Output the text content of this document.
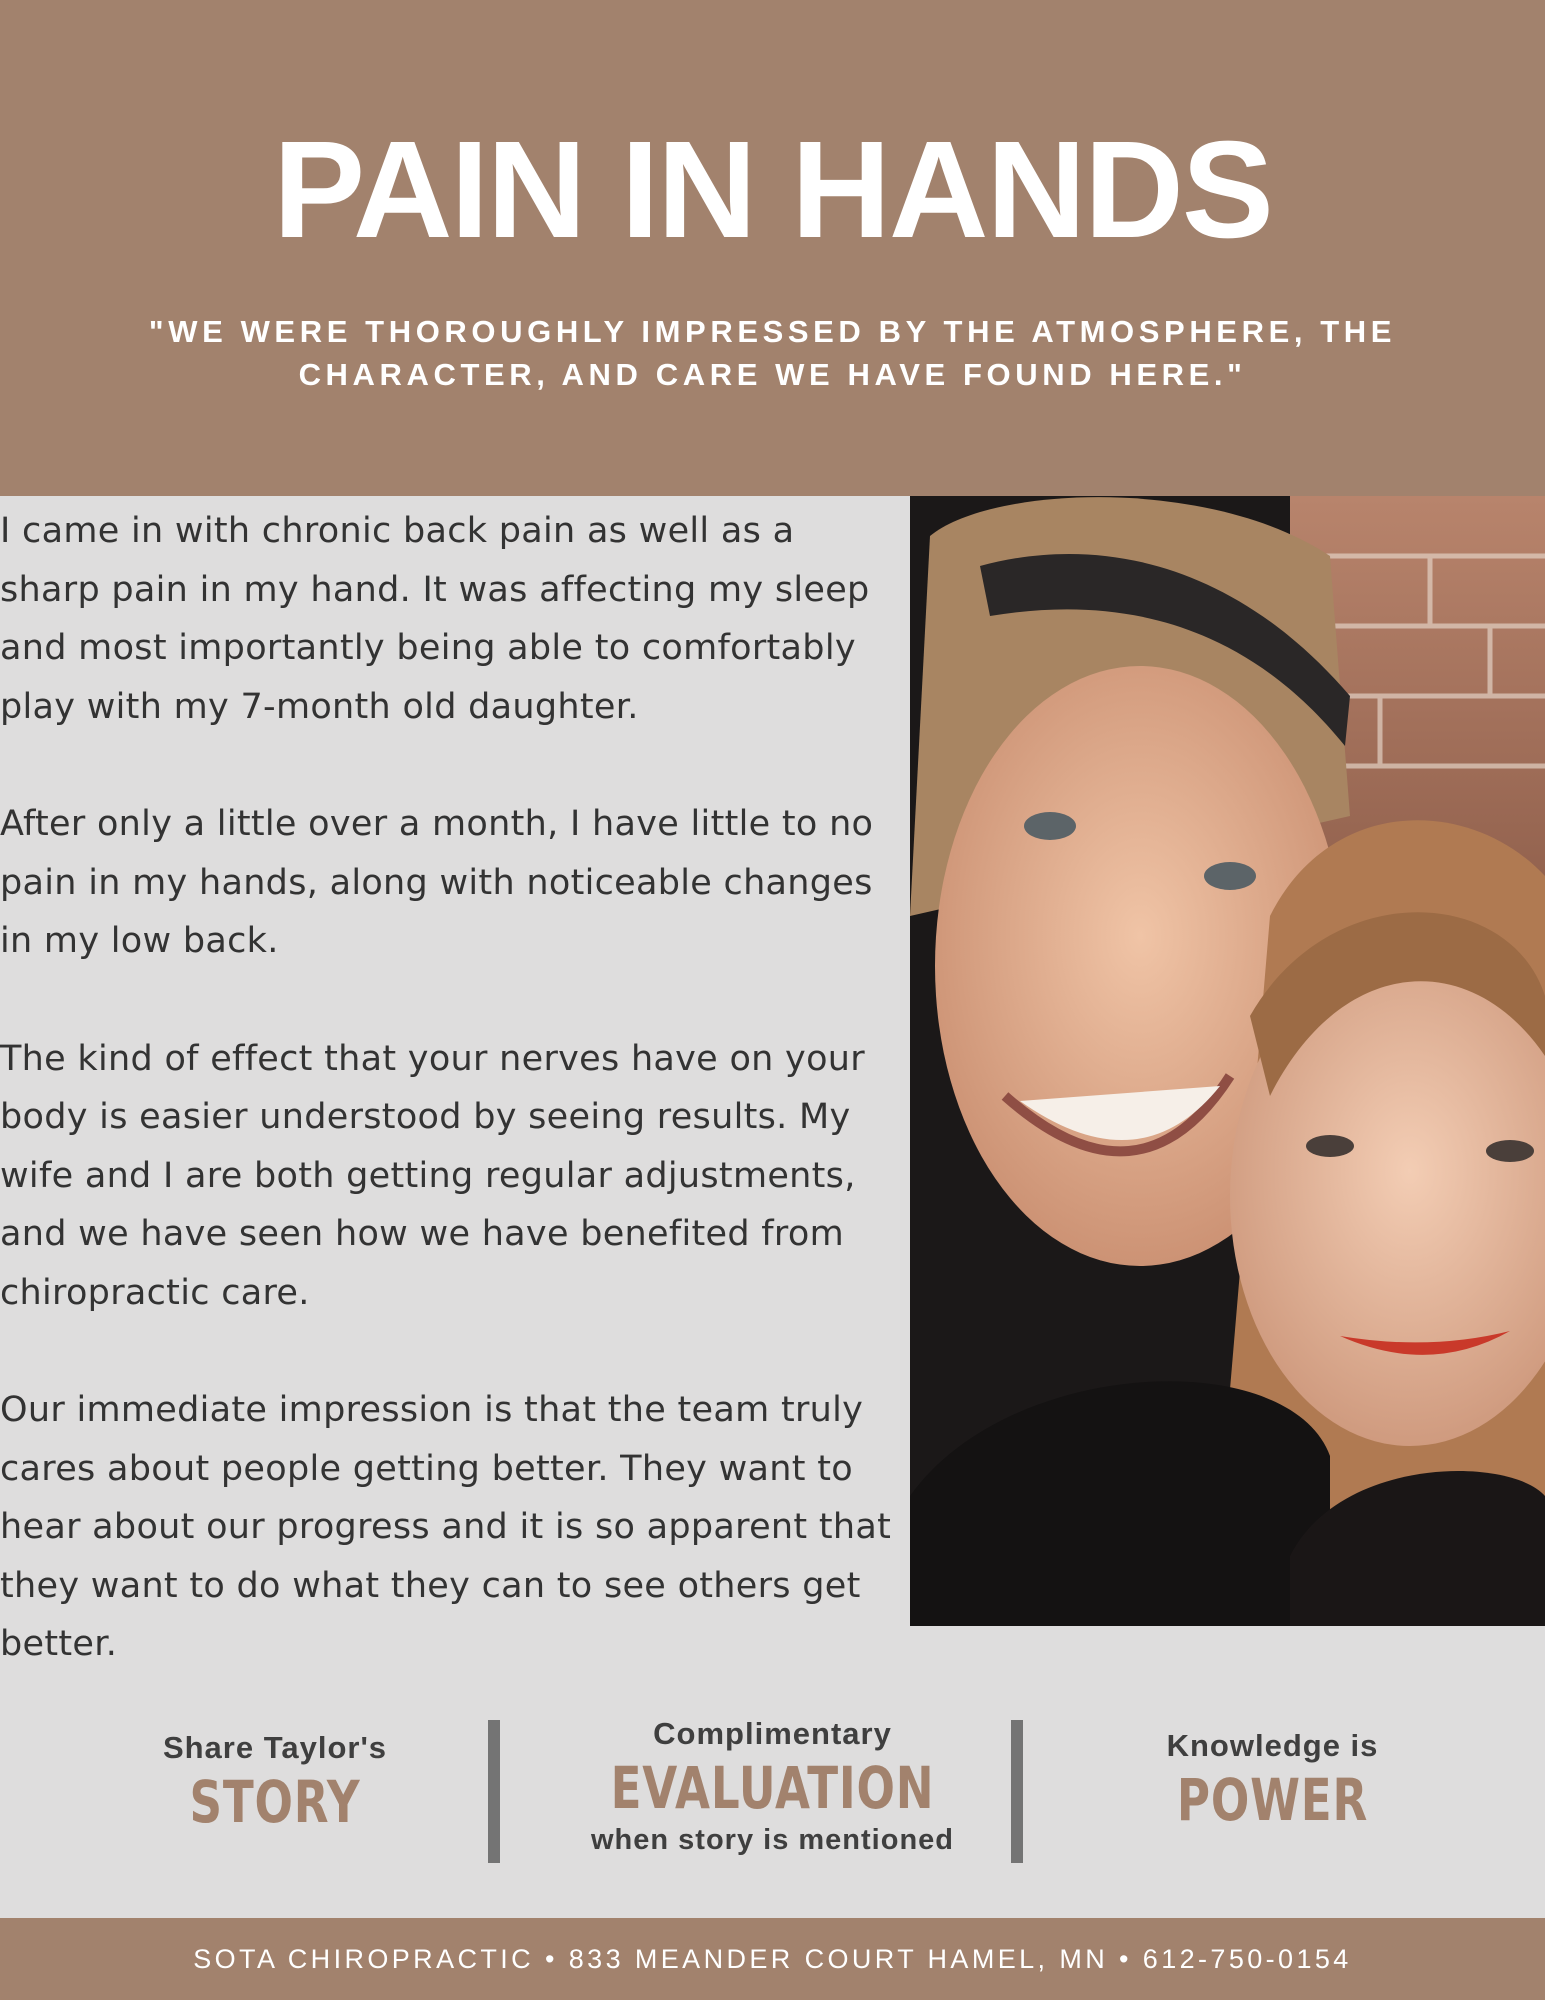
PAIN IN HANDS
"WE WERE THOROUGHLY IMPRESSED BY THE ATMOSPHERE, THE
CHARACTER, AND CARE WE HAVE FOUND HERE."

I came in with chronic back pain as well as a
sharp pain in my hand. It was affecting my sleep
and most importantly being able to comfortably
play with my 7-month old daughter.

After only a little over a month, I have little to no
pain in my hands, along with noticeable changes
in my low back.

The kind of effect that your nerves have on your
body is easier understood by seeing results. My
wife and I are both getting regular adjustments,
and we have seen how we have benefited from
chiropractic care.

Our immediate impression is that the team truly
cares about people getting better. They want to
hear about our progress and it is so apparent that
they want to do what they can to see others get
better.

Share Taylor's
STORY
Complimentary
EVALUATION
when story is mentioned
Knowledge is
POWER
SOTA CHIROPRACTIC • 833 MEANDER COURT HAMEL, MN • 612-750-0154
